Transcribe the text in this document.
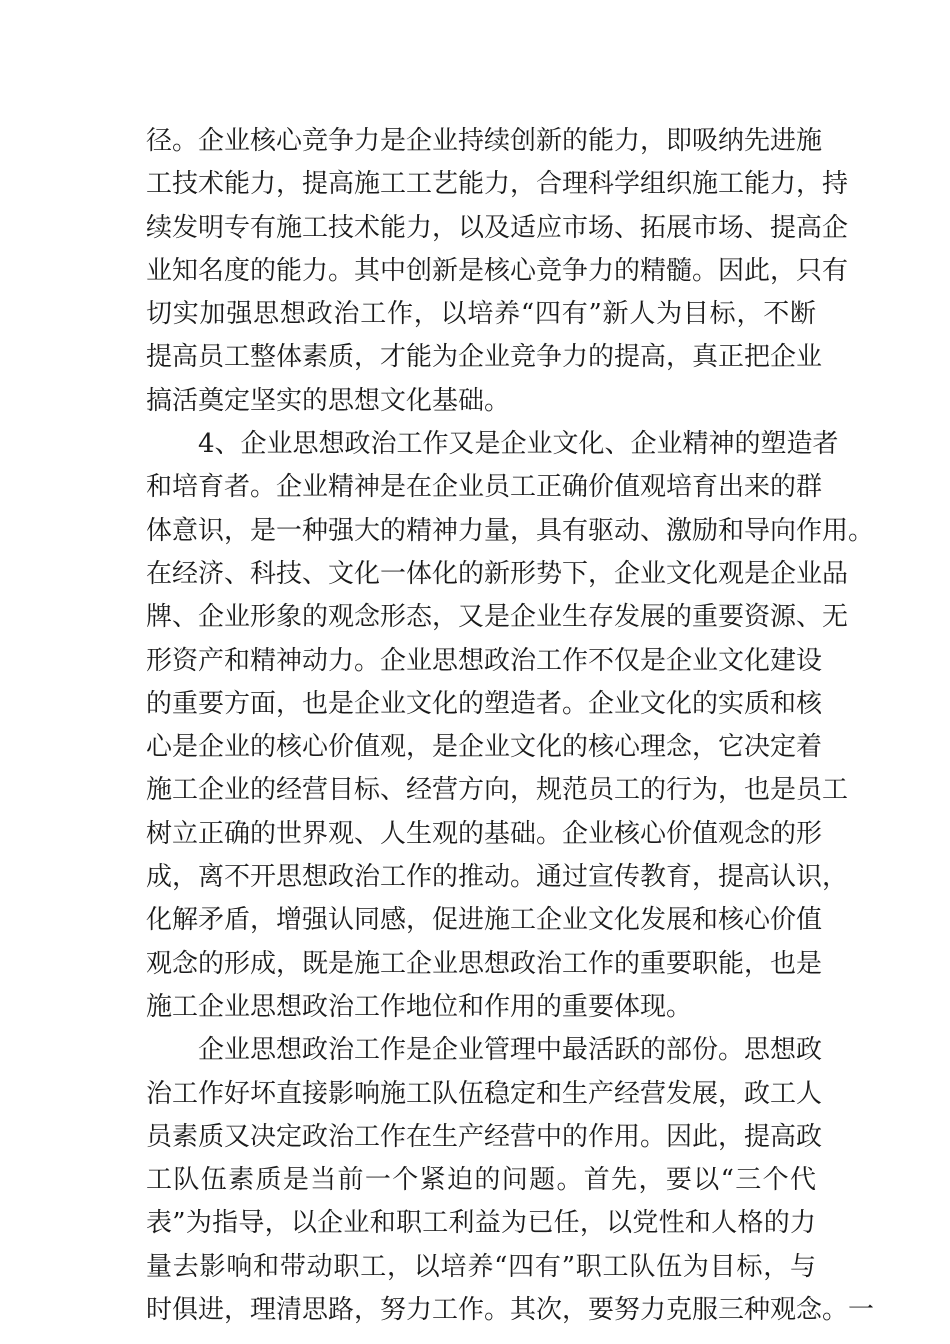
径。企业核心竞争力是企业持续创新的能力，即吸纳先进施
工技术能力，提高施工工艺能力，合理科学组织施工能力，持
续发明专有施工技术能力，以及适应市场、拓展市场、提高企
业知名度的能力。其中创新是核心竞争力的精髓。因此，只有
切实加强思想政治工作，以培养“四有”新人为目标，不断
提高员工整体素质，才能为企业竞争力的提高，真正把企业
搞活奠定坚实的思想文化基础。
4、企业思想政治工作又是企业文化、企业精神的塑造者
和培育者。企业精神是在企业员工正确价值观培育出来的群
体意识，是一种强大的精神力量，具有驱动、激励和导向作用。
在经济、科技、文化一体化的新形势下，企业文化观是企业品
牌、企业形象的观念形态，又是企业生存发展的重要资源、无
形资产和精神动力。企业思想政治工作不仅是企业文化建设
的重要方面，也是企业文化的塑造者。企业文化的实质和核
心是企业的核心价值观，是企业文化的核心理念，它决定着
施工企业的经营目标、经营方向，规范员工的行为，也是员工
树立正确的世界观、人生观的基础。企业核心价值观念的形
成，离不开思想政治工作的推动。通过宣传教育，提高认识，
化解矛盾，增强认同感，促进施工企业文化发展和核心价值
观念的形成，既是施工企业思想政治工作的重要职能，也是
施工企业思想政治工作地位和作用的重要体现。
企业思想政治工作是企业管理中最活跃的部份。思想政
治工作好坏直接影响施工队伍稳定和生产经营发展，政工人
员素质又决定政治工作在生产经营中的作用。因此，提高政
工队伍素质是当前一个紧迫的问题。首先，要以“三个代
表”为指导，以企业和职工利益为已任，以党性和人格的力
量去影响和带动职工，以培养“四有”职工队伍为目标，与
时俱进，理清思路，努力工作。其次，要努力克服三种观念。一
